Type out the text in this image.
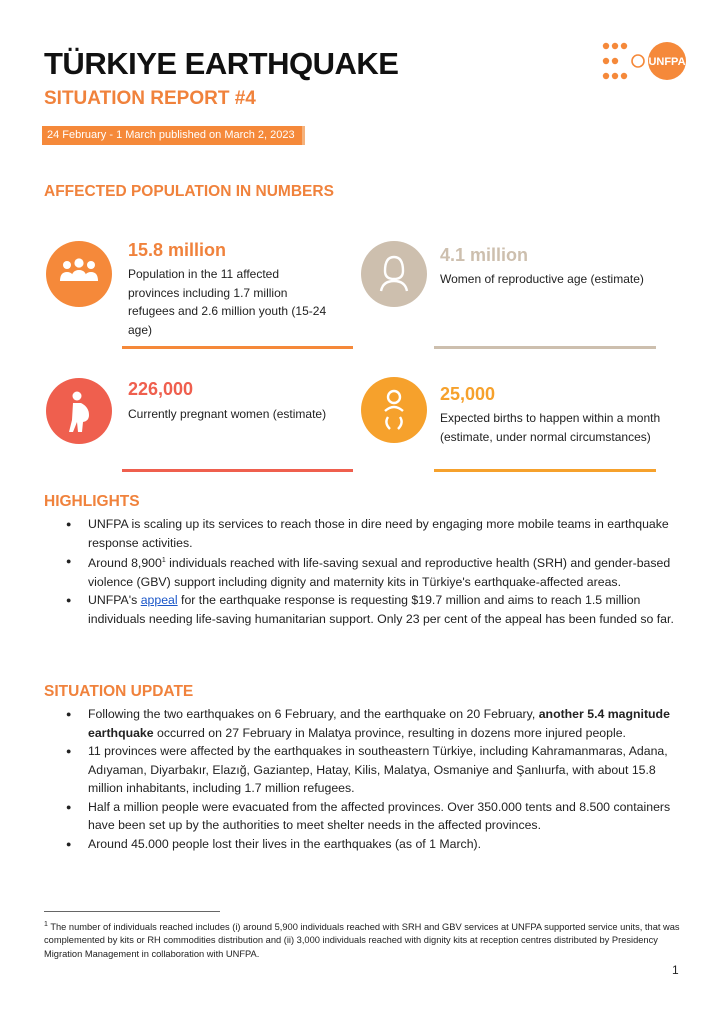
TÜRKIYE EARTHQUAKE
SITUATION REPORT #4
24 February - 1 March published on March 2, 2023
UNFPA
AFFECTED POPULATION IN NUMBERS
15.8 million
Population in the 11 affected provinces including 1.7 million refugees and 2.6 million youth (15-24 age)
4.1 million
Women of reproductive age (estimate)
226,000
Currently pregnant women (estimate)
25,000
Expected births to happen within a month (estimate, under normal circumstances)
HIGHLIGHTS
● UNFPA is scaling up its services to reach those in dire need by engaging more mobile teams in earthquake response activities.
● Around 8,900$^1$ individuals reached with life-saving sexual and reproductive health (SRH) and gender-based violence (GBV) support including dignity and maternity kits in Türkiye's earthquake-affected areas.
● UNFPA's appeal for the earthquake response is requesting $19.7 million and aims to reach 1.5 million individuals needing life-saving humanitarian support. Only 23 per cent of the appeal has been funded so far.
SITUATION UPDATE
● Following the two earthquakes on 6 February, and the earthquake on 20 February, another 5.4 magnitude earthquake occurred on 27 February in Malatya province, resulting in dozens more injured people.
● 11 provinces were affected by the earthquakes in southeastern Türkiye, including Kahramanmaras, Adana, Adıyaman, Diyarbakır, Elazığ, Gaziantep, Hatay, Kilis, Malatya, Osmaniye and Şanlıurfa, with about 15.8 million inhabitants, including 1.7 million refugees.
● Half a million people were evacuated from the affected provinces. Over 350.000 tents and 8.500 containers have been set up by the authorities to meet shelter needs in the affected provinces.
● Around 45.000 people lost their lives in the earthquakes (as of 1 March).
$^1$ The number of individuals reached includes (i) around 5,900 individuals reached with SRH and GBV services at UNFPA supported service units, that was complemented by kits or RH commodities distribution and (ii) 3,000 individuals reached with dignity kits at reception centres distributed by Presidency Migration Management in collaboration with UNFPA.
1
